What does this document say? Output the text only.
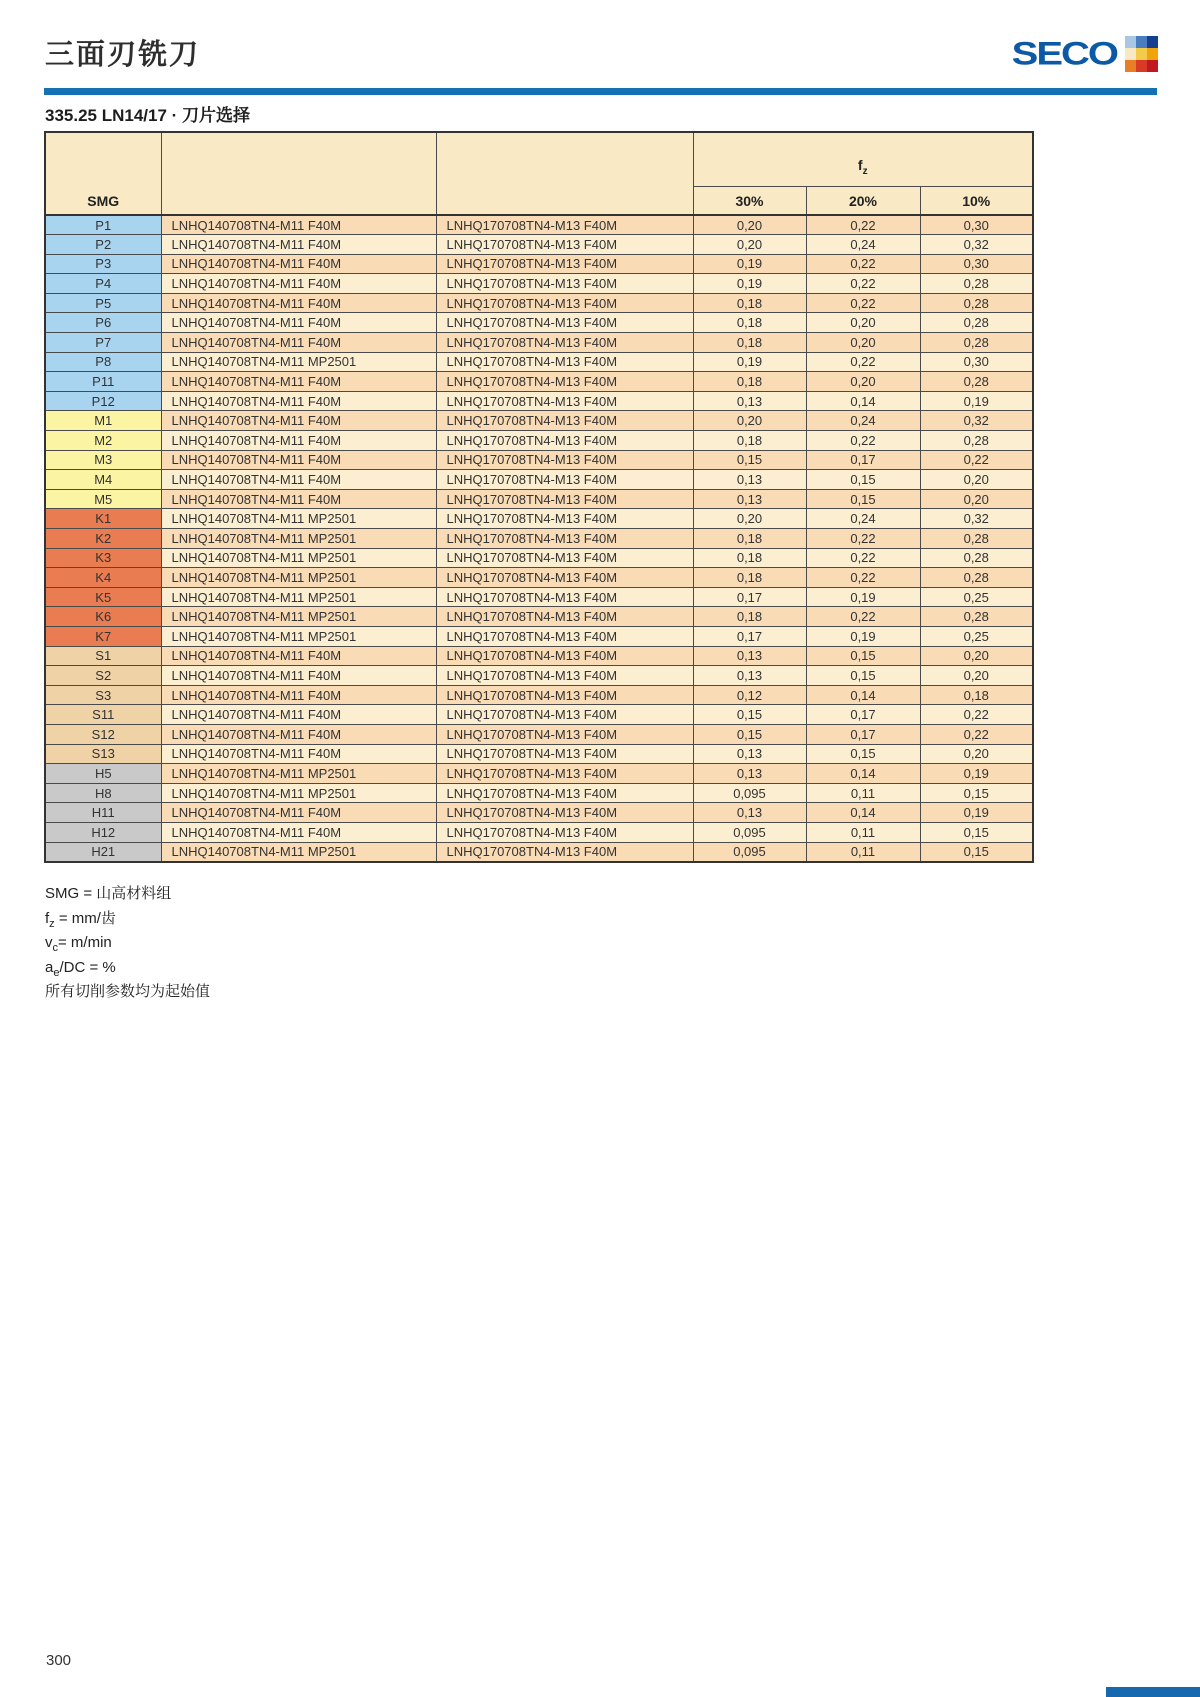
三面刃铣刀	SECO
335.25 LN14/17 · 刀片选择
SMG			$f_z$
			30%	20%	10%
P1	LNHQ140708TN4-M11 F40M	LNHQ170708TN4-M13 F40M	0,20	0,22	0,30
P2	LNHQ140708TN4-M11 F40M	LNHQ170708TN4-M13 F40M	0,20	0,24	0,32
P3	LNHQ140708TN4-M11 F40M	LNHQ170708TN4-M13 F40M	0,19	0,22	0,30
P4	LNHQ140708TN4-M11 F40M	LNHQ170708TN4-M13 F40M	0,19	0,22	0,28
P5	LNHQ140708TN4-M11 F40M	LNHQ170708TN4-M13 F40M	0,18	0,22	0,28
P6	LNHQ140708TN4-M11 F40M	LNHQ170708TN4-M13 F40M	0,18	0,20	0,28
P7	LNHQ140708TN4-M11 F40M	LNHQ170708TN4-M13 F40M	0,18	0,20	0,28
P8	LNHQ140708TN4-M11 MP2501	LNHQ170708TN4-M13 F40M	0,19	0,22	0,30
P11	LNHQ140708TN4-M11 F40M	LNHQ170708TN4-M13 F40M	0,18	0,20	0,28
P12	LNHQ140708TN4-M11 F40M	LNHQ170708TN4-M13 F40M	0,13	0,14	0,19
M1	LNHQ140708TN4-M11 F40M	LNHQ170708TN4-M13 F40M	0,20	0,24	0,32
M2	LNHQ140708TN4-M11 F40M	LNHQ170708TN4-M13 F40M	0,18	0,22	0,28
M3	LNHQ140708TN4-M11 F40M	LNHQ170708TN4-M13 F40M	0,15	0,17	0,22
M4	LNHQ140708TN4-M11 F40M	LNHQ170708TN4-M13 F40M	0,13	0,15	0,20
M5	LNHQ140708TN4-M11 F40M	LNHQ170708TN4-M13 F40M	0,13	0,15	0,20
K1	LNHQ140708TN4-M11 MP2501	LNHQ170708TN4-M13 F40M	0,20	0,24	0,32
K2	LNHQ140708TN4-M11 MP2501	LNHQ170708TN4-M13 F40M	0,18	0,22	0,28
K3	LNHQ140708TN4-M11 MP2501	LNHQ170708TN4-M13 F40M	0,18	0,22	0,28
K4	LNHQ140708TN4-M11 MP2501	LNHQ170708TN4-M13 F40M	0,18	0,22	0,28
K5	LNHQ140708TN4-M11 MP2501	LNHQ170708TN4-M13 F40M	0,17	0,19	0,25
K6	LNHQ140708TN4-M11 MP2501	LNHQ170708TN4-M13 F40M	0,18	0,22	0,28
K7	LNHQ140708TN4-M11 MP2501	LNHQ170708TN4-M13 F40M	0,17	0,19	0,25
S1	LNHQ140708TN4-M11 F40M	LNHQ170708TN4-M13 F40M	0,13	0,15	0,20
S2	LNHQ140708TN4-M11 F40M	LNHQ170708TN4-M13 F40M	0,13	0,15	0,20
S3	LNHQ140708TN4-M11 F40M	LNHQ170708TN4-M13 F40M	0,12	0,14	0,18
S11	LNHQ140708TN4-M11 F40M	LNHQ170708TN4-M13 F40M	0,15	0,17	0,22
S12	LNHQ140708TN4-M11 F40M	LNHQ170708TN4-M13 F40M	0,15	0,17	0,22
S13	LNHQ140708TN4-M11 F40M	LNHQ170708TN4-M13 F40M	0,13	0,15	0,20
H5	LNHQ140708TN4-M11 MP2501	LNHQ170708TN4-M13 F40M	0,13	0,14	0,19
H8	LNHQ140708TN4-M11 MP2501	LNHQ170708TN4-M13 F40M	0,095	0,11	0,15
H11	LNHQ140708TN4-M11 F40M	LNHQ170708TN4-M13 F40M	0,13	0,14	0,19
H12	LNHQ140708TN4-M11 F40M	LNHQ170708TN4-M13 F40M	0,095	0,11	0,15
H21	LNHQ140708TN4-M11 MP2501	LNHQ170708TN4-M13 F40M	0,095	0,11	0,15
SMG = 山高材料组
$f_z = mm/$齿
$v_c= m/\min$
$a_e/DC$ = %
所有切削参数均为起始值
300
